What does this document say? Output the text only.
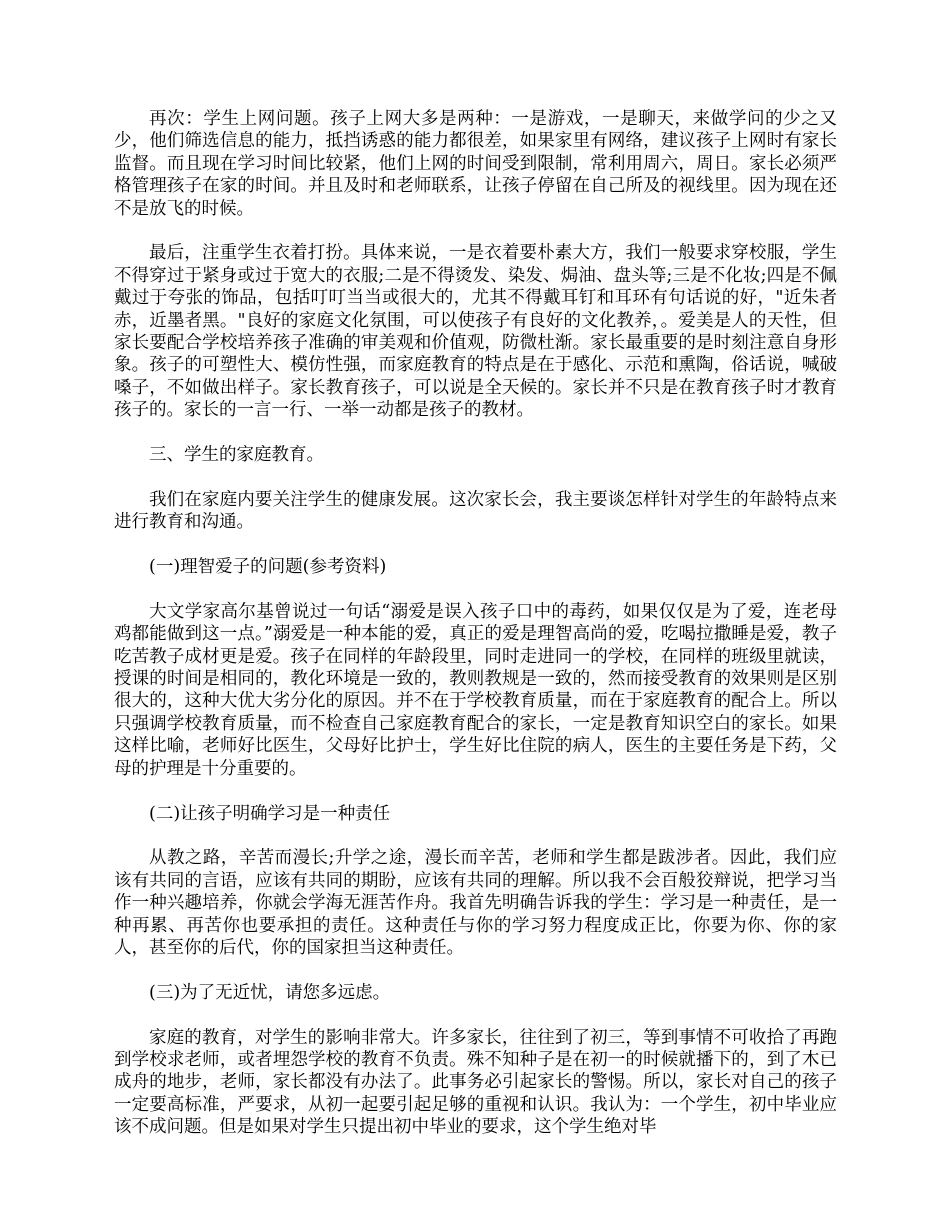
再次：学生上网问题。孩子上网大多是两种：一是游戏，一是聊天，来做学问的少之又少，他们筛选信息的能力，抵挡诱惑的能力都很差，如果家里有网络，建议孩子上网时有家长监督。而且现在学习时间比较紧，他们上网的时间受到限制，常利用周六，周日。家长必须严格管理孩子在家的时间。并且及时和老师联系，让孩子停留在自己所及的视线里。因为现在还不是放飞的时候。

最后，注重学生衣着打扮。具体来说，一是衣着要朴素大方，我们一般要求穿校服，学生不得穿过于紧身或过于宽大的衣服;二是不得烫发、染发、焗油、盘头等;三是不化妆;四是不佩戴过于夸张的饰品，包括叮叮当当或很大的，尤其不得戴耳钉和耳环有句话说的好，"近朱者赤，近墨者黑。"良好的家庭文化氛围，可以使孩子有良好的文化教养，。爱美是人的天性，但家长要配合学校培养孩子准确的审美观和价值观，防微杜渐。家长最重要的是时刻注意自身形象。孩子的可塑性大、模仿性强，而家庭教育的特点是在于感化、示范和熏陶，俗话说，喊破嗓子，不如做出样子。家长教育孩子，可以说是全天候的。家长并不只是在教育孩子时才教育孩子的。家长的一言一行、一举一动都是孩子的教材。

三、学生的家庭教育。

我们在家庭内要关注学生的健康发展。这次家长会，我主要谈怎样针对学生的年龄特点来进行教育和沟通。

(一)理智爱子的问题(参考资料)

大文学家高尔基曾说过一句话“溺爱是误入孩子口中的毒药，如果仅仅是为了爱，连老母鸡都能做到这一点。”溺爱是一种本能的爱，真正的爱是理智高尚的爱，吃喝拉撒睡是爱，教子吃苦教子成材更是爱。孩子在同样的年龄段里，同时走进同一的学校，在同样的班级里就读，授课的时间是相同的，教化环境是一致的，教则教规是一致的，然而接受教育的效果则是区别很大的，这种大优大劣分化的原因。并不在于学校教育质量，而在于家庭教育的配合上。所以只强调学校教育质量，而不检查自己家庭教育配合的家长，一定是教育知识空白的家长。如果这样比喻，老师好比医生，父母好比护士，学生好比住院的病人，医生的主要任务是下药，父母的护理是十分重要的。

(二)让孩子明确学习是一种责任

从教之路，辛苦而漫长;升学之途，漫长而辛苦，老师和学生都是跋涉者。因此，我们应该有共同的言语，应该有共同的期盼，应该有共同的理解。所以我不会百般狡辩说，把学习当作一种兴趣培养，你就会学海无涯苦作舟。我首先明确告诉我的学生：学习是一种责任，是一种再累、再苦你也要承担的责任。这种责任与你的学习努力程度成正比，你要为你、你的家人，甚至你的后代，你的国家担当这种责任。

(三)为了无近忧，请您多远虑。

家庭的教育，对学生的影响非常大。许多家长，往往到了初三，等到事情不可收拾了再跑到学校求老师，或者埋怨学校的教育不负责。殊不知种子是在初一的时候就播下的，到了木已成舟的地步，老师，家长都没有办法了。此事务必引起家长的警惕。所以，家长对自己的孩子一定要高标准，严要求，从初一起要引起足够的重视和认识。我认为：一个学生，初中毕业应该不成问题。但是如果对学生只提出初中毕业的要求，这个学生绝对毕
